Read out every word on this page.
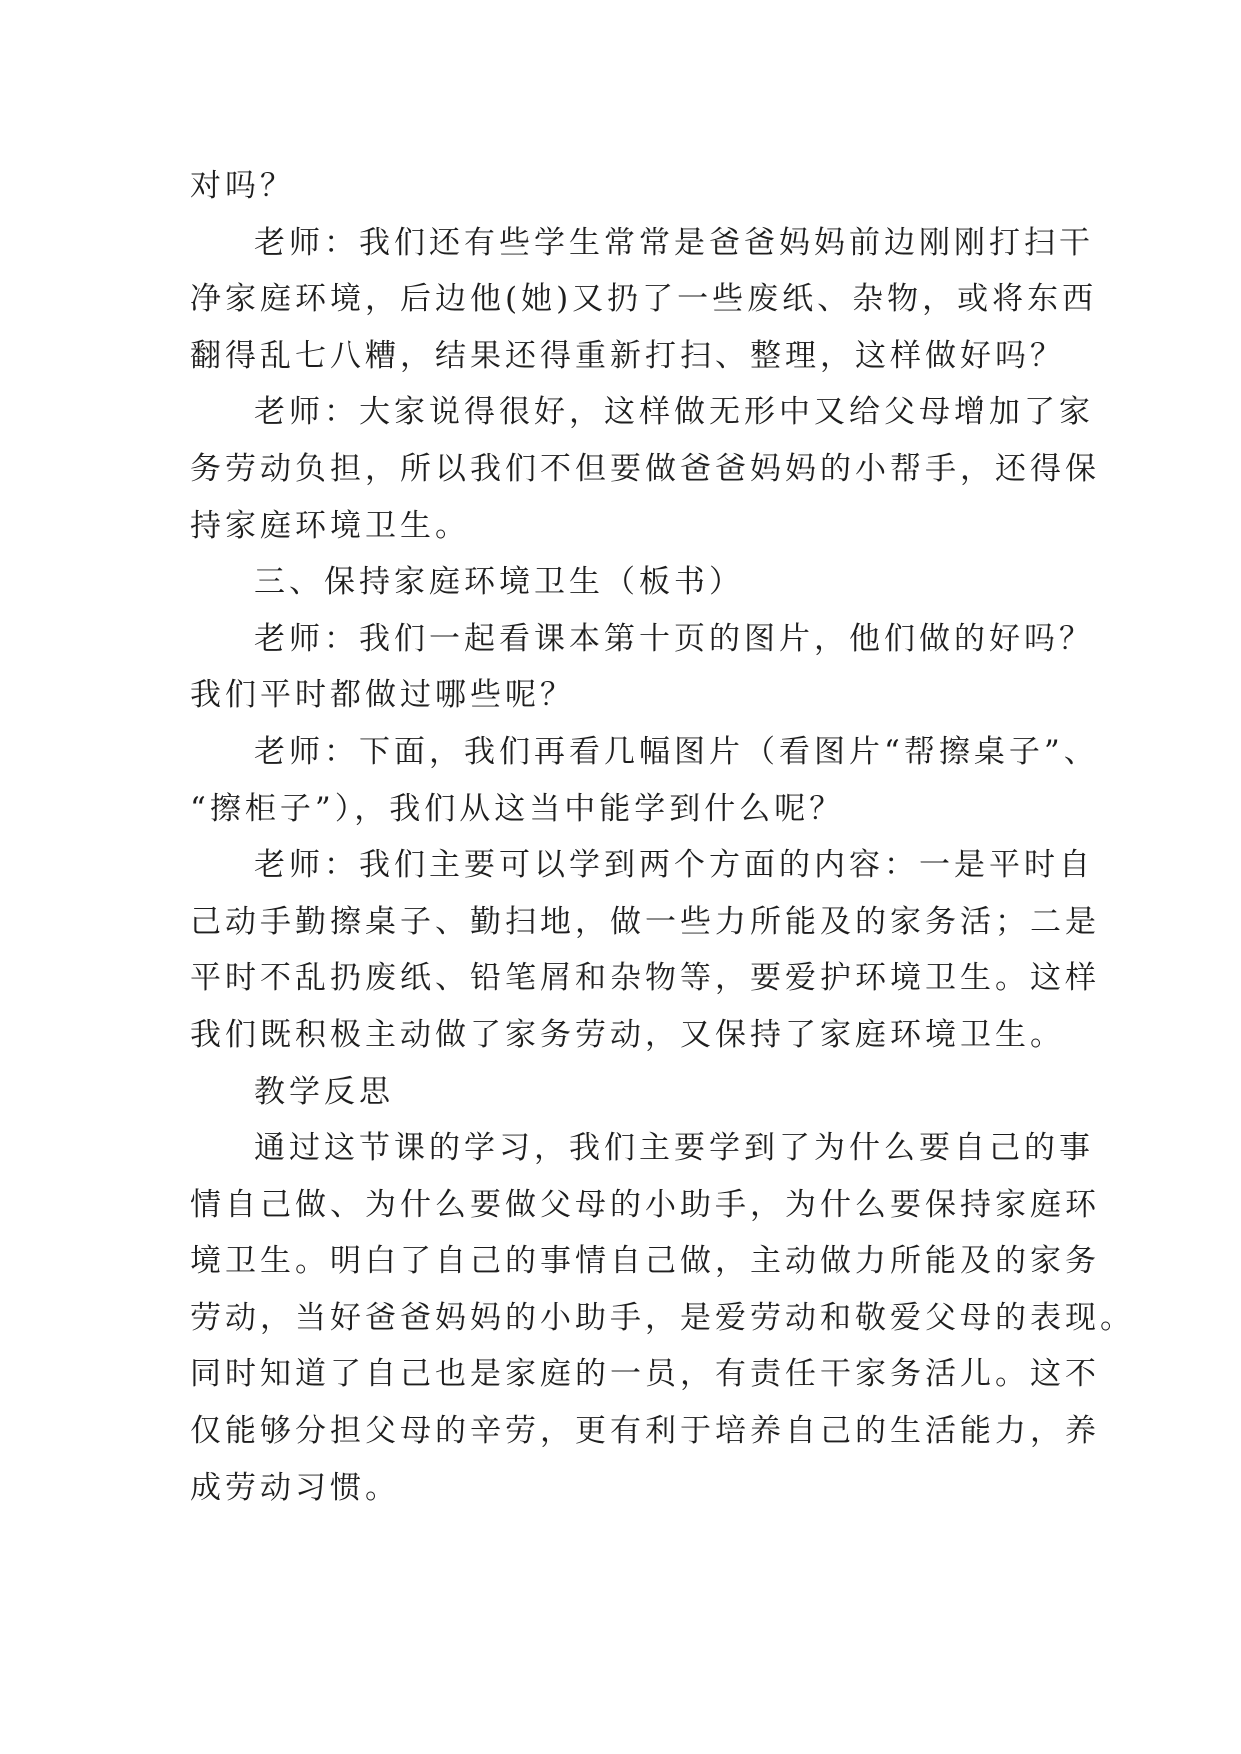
对吗？
老师：我们还有些学生常常是爸爸妈妈前边刚刚打扫干
净家庭环境，后边他(她)又扔了一些废纸、杂物，或将东西
翻得乱七八糟，结果还得重新打扫、整理，这样做好吗？
老师：大家说得很好，这样做无形中又给父母增加了家
务劳动负担，所以我们不但要做爸爸妈妈的小帮手，还得保
持家庭环境卫生。
三、保持家庭环境卫生（板书）
老师：我们一起看课本第十页的图片，他们做的好吗？
我们平时都做过哪些呢？
老师：下面，我们再看几幅图片（看图片“帮擦桌子”、
“擦柜子”），我们从这当中能学到什么呢？
老师：我们主要可以学到两个方面的内容：一是平时自
己动手勤擦桌子、勤扫地，做一些力所能及的家务活；二是
平时不乱扔废纸、铅笔屑和杂物等，要爱护环境卫生。这样
我们既积极主动做了家务劳动，又保持了家庭环境卫生。
教学反思
通过这节课的学习，我们主要学到了为什么要自己的事
情自己做、为什么要做父母的小助手，为什么要保持家庭环
境卫生。明白了自己的事情自己做，主动做力所能及的家务
劳动，当好爸爸妈妈的小助手，是爱劳动和敬爱父母的表现。
同时知道了自己也是家庭的一员，有责任干家务活儿。这不
仅能够分担父母的辛劳，更有利于培养自己的生活能力，养
成劳动习惯。
